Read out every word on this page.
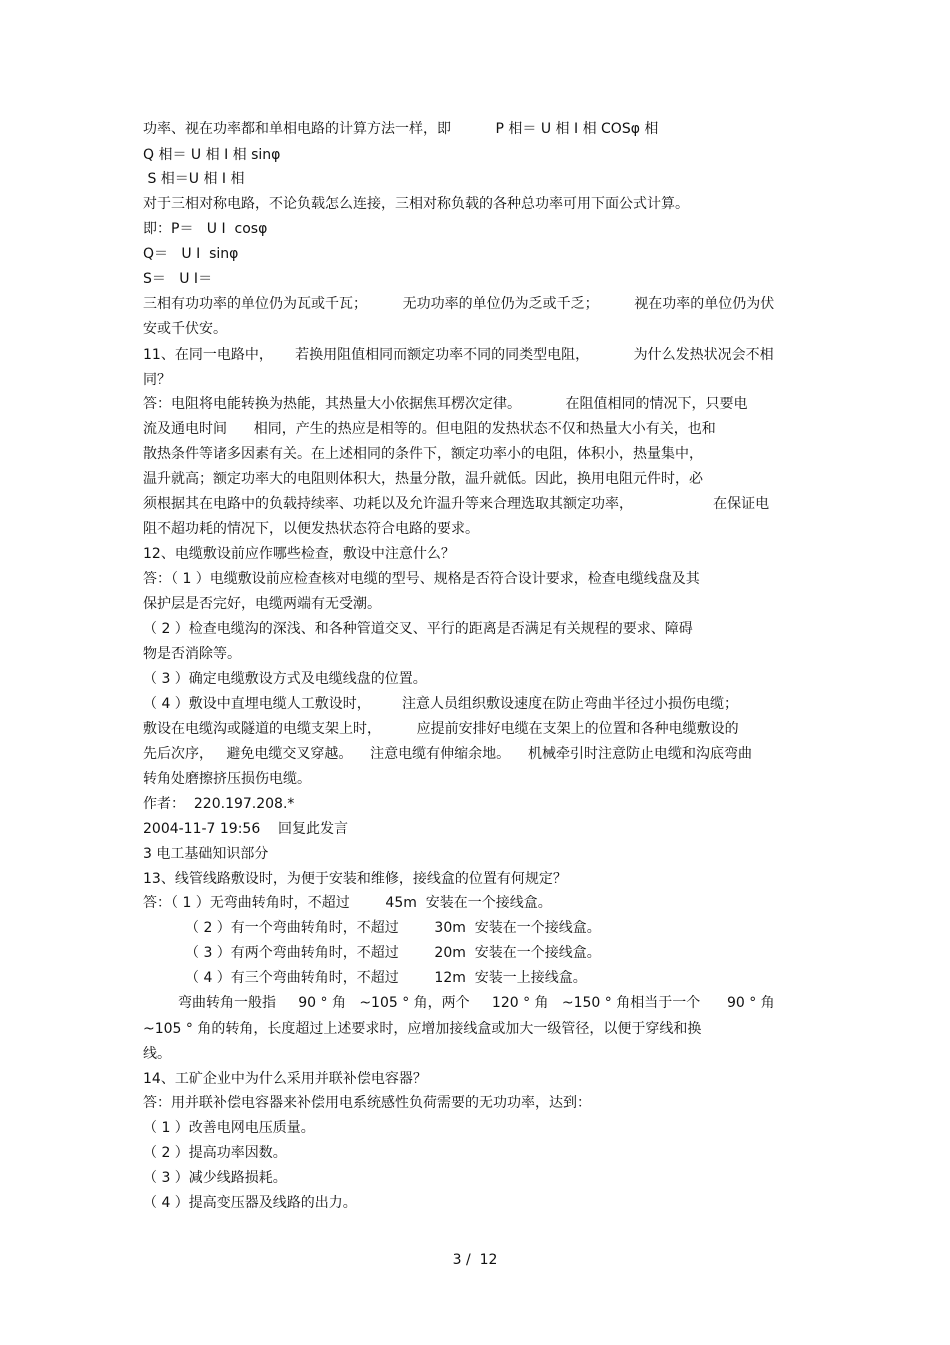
功率、视在功率都和单相电路的计算方法一样，即          P 相＝ U 相 I 相 COSφ 相
Q 相＝ U 相 I 相 sinφ
S 相＝U 相 I 相
对于三相对称电路，不论负载怎么连接，三相对称负载的各种总功率可用下面公式计算。
即：P＝   U I  cosφ
Q＝   U I  sinφ
S＝   U I＝
三相有功功率的单位仍为瓦或千瓦；        无功功率的单位仍为乏或千乏；        视在功率的单位仍为伏
安或千伏安。
11、在同一电路中，     若换用阻值相同而额定功率不同的同类型电阻，          为什么发热状况会不相
同？
答：电阻将电能转换为热能，其热量大小依据焦耳楞次定律。          在阻值相同的情况下，只要电
流及通电时间      相同，产生的热应是相等的。但电阻的发热状态不仅和热量大小有关，也和
散热条件等诸多因素有关。在上述相同的条件下，额定功率小的电阻，体积小，热量集中，
温升就高；额定功率大的电阻则体积大，热量分散，温升就低。因此，换用电阻元件时，必
须根据其在电路中的负载持续率、功耗以及允许温升等来合理选取其额定功率，                  在保证电
阻不超功耗的情况下，以便发热状态符合电路的要求。
12、电缆敷设前应作哪些检查，敷设中注意什么？
答：（ 1 ）电缆敷设前应检查核对电缆的型号、规格是否符合设计要求，检查电缆线盘及其
保护层是否完好，电缆两端有无受潮。
（ 2 ）检查电缆沟的深浅、和各种管道交叉、平行的距离是否满足有关规程的要求、障碍
物是否消除等。
（ 3 ）确定电缆敷设方式及电缆线盘的位置。
（ 4 ）敷设中直埋电缆人工敷设时，       注意人员组织敷设速度在防止弯曲半径过小损伤电缆；
敷设在电缆沟或隧道的电缆支架上时，        应提前安排好电缆在支架上的位置和各种电缆敷设的
先后次序，   避免电缆交叉穿越。    注意电缆有伸缩余地。    机械牵引时注意防止电缆和沟底弯曲
转角处磨擦挤压损伤电缆。
作者：  220.197.208.*
2004-11-7 19:56    回复此发言
3 电工基础知识部分
13、线管线路敷设时，为便于安装和维修，接线盒的位置有何规定？
答：（ 1 ）无弯曲转角时，不超过        45m  安装在一个接线盒。
（ 2 ）有一个弯曲转角时，不超过        30m  安装在一个接线盒。
（ 3 ）有两个弯曲转角时，不超过        20m  安装在一个接线盒。
（ 4 ）有三个弯曲转角时，不超过        12m  安装一上接线盒。
弯曲转角一般指     90 ° 角   ~105 ° 角，两个     120 ° 角   ~150 ° 角相当于一个      90 ° 角
~105 ° 角的转角，长度超过上述要求时，应增加接线盒或加大一级管径，以便于穿线和换
线。
14、工矿企业中为什么采用并联补偿电容器？
答：用并联补偿电容器来补偿用电系统感性负荷需要的无功功率，达到：
（ 1 ）改善电网电压质量。
（ 2 ）提高功率因数。
（ 3 ）减少线路损耗。
（ 4 ）提高变压器及线路的出力。
3 /  12
